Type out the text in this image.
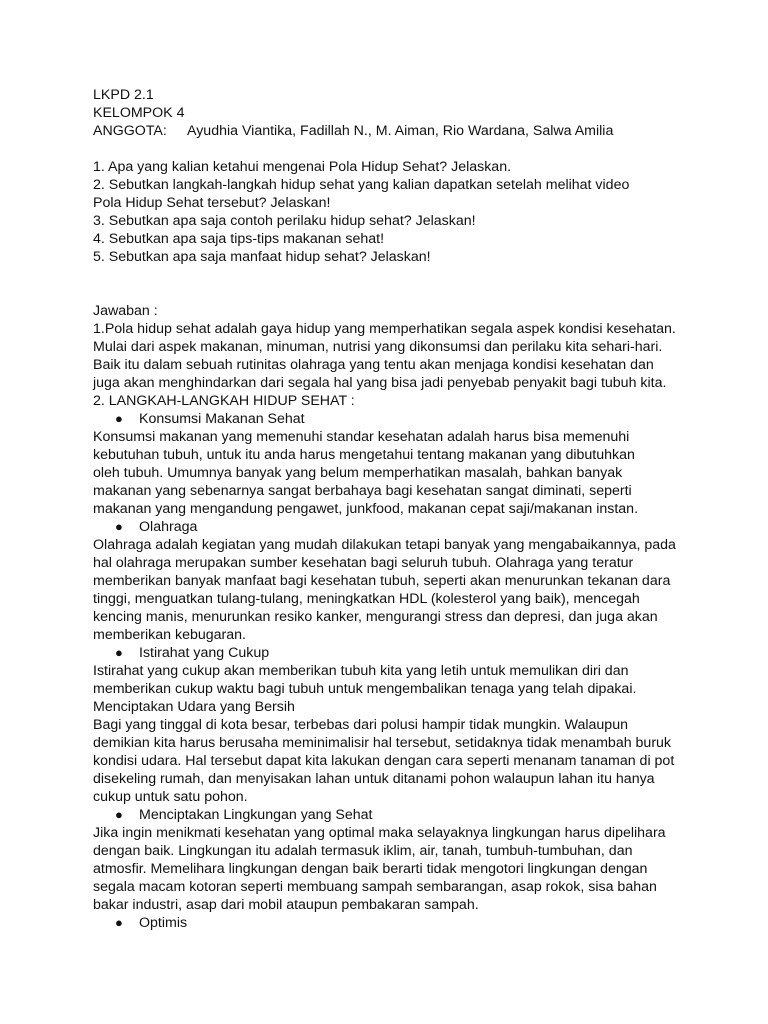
LKPD 2.1
KELOMPOK 4
ANGGOTA: Ayudhia Viantika, Fadillah N., M. Aiman, Rio Wardana, Salwa Amilia
1. Apa yang kalian ketahui mengenai Pola Hidup Sehat? Jelaskan.
2. Sebutkan langkah-langkah hidup sehat yang kalian dapatkan setelah melihat video
Pola Hidup Sehat tersebut? Jelaskan!
3. Sebutkan apa saja contoh perilaku hidup sehat? Jelaskan!
4. Sebutkan apa saja tips-tips makanan sehat!
5. Sebutkan apa saja manfaat hidup sehat? Jelaskan!
Jawaban :
1.Pola hidup sehat adalah gaya hidup yang memperhatikan segala aspek kondisi kesehatan.
Mulai dari aspek makanan, minuman, nutrisi yang dikonsumsi dan perilaku kita sehari-hari.
Baik itu dalam sebuah rutinitas olahraga yang tentu akan menjaga kondisi kesehatan dan
juga akan menghindarkan dari segala hal yang bisa jadi penyebab penyakit bagi tubuh kita.
2. LANGKAH-LANGKAH HIDUP SEHAT :
● Konsumsi Makanan Sehat
Konsumsi makanan yang memenuhi standar kesehatan adalah harus bisa memenuhi
kebutuhan tubuh, untuk itu anda harus mengetahui tentang makanan yang dibutuhkan
oleh tubuh. Umumnya banyak yang belum memperhatikan masalah, bahkan banyak
makanan yang sebenarnya sangat berbahaya bagi kesehatan sangat diminati, seperti
makanan yang mengandung pengawet, junkfood, makanan cepat saji/makanan instan.
● Olahraga
Olahraga adalah kegiatan yang mudah dilakukan tetapi banyak yang mengabaikannya, pada
hal olahraga merupakan sumber kesehatan bagi seluruh tubuh. Olahraga yang teratur
memberikan banyak manfaat bagi kesehatan tubuh, seperti akan menurunkan tekanan dara
tinggi, menguatkan tulang-tulang, meningkatkan HDL (kolesterol yang baik), mencegah
kencing manis, menurunkan resiko kanker, mengurangi stress dan depresi, dan juga akan
memberikan kebugaran.
● Istirahat yang Cukup
Istirahat yang cukup akan memberikan tubuh kita yang letih untuk memulikan diri dan
memberikan cukup waktu bagi tubuh untuk mengembalikan tenaga yang telah dipakai.
Menciptakan Udara yang Bersih
Bagi yang tinggal di kota besar, terbebas dari polusi hampir tidak mungkin. Walaupun
demikian kita harus berusaha meminimalisir hal tersebut, setidaknya tidak menambah buruk
kondisi udara. Hal tersebut dapat kita lakukan dengan cara seperti menanam tanaman di pot
disekeling rumah, dan menyisakan lahan untuk ditanami pohon walaupun lahan itu hanya
cukup untuk satu pohon.
● Menciptakan Lingkungan yang Sehat
Jika ingin menikmati kesehatan yang optimal maka selayaknya lingkungan harus dipelihara
dengan baik. Lingkungan itu adalah termasuk iklim, air, tanah, tumbuh-tumbuhan, dan
atmosfir. Memelihara lingkungan dengan baik berarti tidak mengotori lingkungan dengan
segala macam kotoran seperti membuang sampah sembarangan, asap rokok, sisa bahan
bakar industri, asap dari mobil ataupun pembakaran sampah.
● Optimis
